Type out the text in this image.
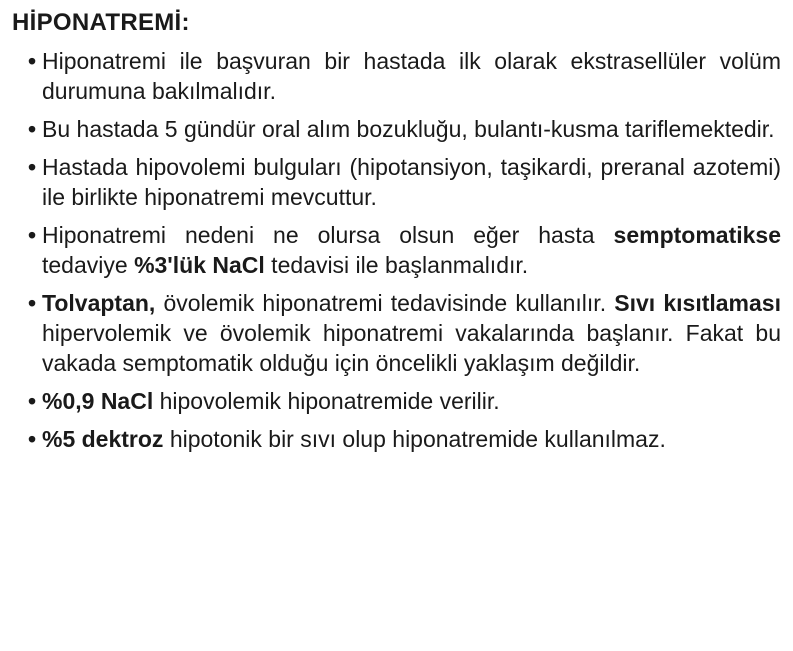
HİPONATREMİ:
• Hiponatremi ile başvuran bir hastada ilk olarak ekstrasellüler volüm durumuna bakılmalıdır.
• Bu hastada 5 gündür oral alım bozukluğu, bulantı-kusma tariflemektedir.
• Hastada hipovolemi bulguları (hipotansiyon, taşikardi, preranal azotemi) ile birlikte hiponatremi mevcuttur.
• Hiponatremi nedeni ne olursa olsun eğer hasta semptomatikse tedaviye %3'lük NaCl tedavisi ile başlanmalıdır.
• Tolvaptan, övolemik hiponatremi tedavisinde kullanılır. Sıvı kısıtlaması hipervolemik ve övolemik hiponatremi vakalarında başlanır. Fakat bu vakada semptomatik olduğu için öncelikli yaklaşım değildir.
• %0,9 NaCl hipovolemik hiponatremide verilir.
• %5 dektroz hipotonik bir sıvı olup hiponatremide kullanılmaz.
